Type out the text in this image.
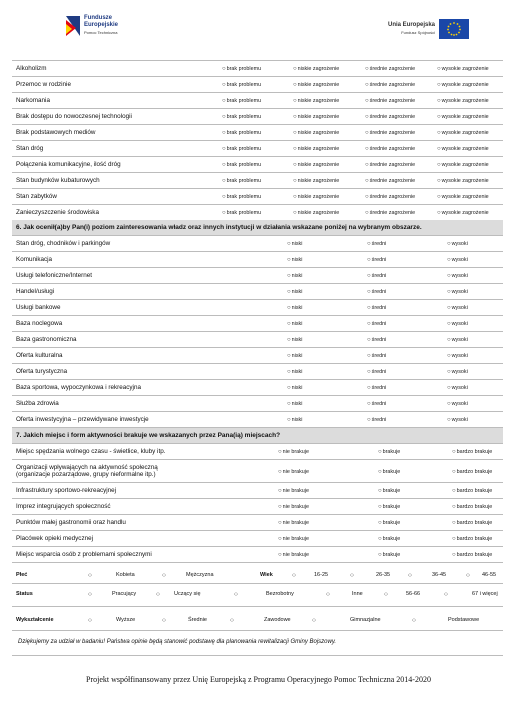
Fundusze
Europejskie
Pomoc Techniczna
Unia Europejska
Fundusz Spójności
Alkoholizm	○ brak problemu	○ niskie zagrożenie	○ średnie zagrożenie	○ wysokie zagrożenie
Przemoc w rodzinie	○ brak problemu	○ niskie zagrożenie	○ średnie zagrożenie	○ wysokie zagrożenie
Narkomania	○ brak problemu	○ niskie zagrożenie	○ średnie zagrożenie	○ wysokie zagrożenie
Brak dostępu do nowoczesnej technologii	○ brak problemu	○ niskie zagrożenie	○ średnie zagrożenie	○ wysokie zagrożenie
Brak podstawowych mediów	○ brak problemu	○ niskie zagrożenie	○ średnie zagrożenie	○ wysokie zagrożenie
Stan dróg	○ brak problemu	○ niskie zagrożenie	○ średnie zagrożenie	○ wysokie zagrożenie
Połączenia komunikacyjne, ilość dróg	○ brak problemu	○ niskie zagrożenie	○ średnie zagrożenie	○ wysokie zagrożenie
Stan budynków kubaturowych	○ brak problemu	○ niskie zagrożenie	○ średnie zagrożenie	○ wysokie zagrożenie
Stan zabytków	○ brak problemu	○ niskie zagrożenie	○ średnie zagrożenie	○ wysokie zagrożenie
Zanieczyszczenie środowiska	○ brak problemu	○ niskie zagrożenie	○ średnie zagrożenie	○ wysokie zagrożenie
6. Jak ocenił(a)by Pan(i) poziom zainteresowania władz oraz innych instytucji w działania wskazane poniżej na wybranym obszarze.
Stan dróg, chodników i parkingów	○ niski	○ średni	○ wysoki
Komunikacja	○ niski	○ średni	○ wysoki
Usługi telefoniczne/Internet	○ niski	○ średni	○ wysoki
Handel/usługi	○ niski	○ średni	○ wysoki
Usługi bankowe	○ niski	○ średni	○ wysoki
Baza noclegowa	○ niski	○ średni	○ wysoki
Baza gastronomiczna	○ niski	○ średni	○ wysoki
Oferta kulturalna	○ niski	○ średni	○ wysoki
Oferta turystyczna	○ niski	○ średni	○ wysoki
Baza sportowa, wypoczynkowa i rekreacyjna	○ niski	○ średni	○ wysoki
Służba zdrowia	○ niski	○ średni	○ wysoki
Oferta inwestycyjna – przewidywane inwestycje	○ niski	○ średni	○ wysoki
7. Jakich miejsc i form aktywności brakuje we wskazanych przez Pana(ią) miejscach?
Miejsc spędzania wolnego czasu - świetlice, kluby itp.	○ nie brakuje	○ brakuje	○ bardzo brakuje

Organizacji wpływających na aktywność społeczną
(organizacje pozarządowe, grupy nieformalne itp.)	○ nie brakuje	○ brakuje	○ bardzo brakuje

Infrastruktury sportowo-rekreacyjnej	○ nie brakuje	○ brakuje	○ bardzo brakuje

Imprez integrujących społeczność	○ nie brakuje	○ brakuje	○ bardzo brakuje

Punktów małej gastronomii oraz handlu	○ nie brakuje	○ brakuje	○ bardzo brakuje

Placówek opieki medycznej	○ nie brakuje	○ brakuje	○ bardzo brakuje

Miejsc wsparcia osób z problemami społecznymi	○ nie brakuje	○ brakuje	○ bardzo brakuje
Płeć	○	Kobieta	○	Mężczyzna	Wiek	○	16-25	○	26-35	○	36-45	○ 46-55
Status	○	Pracujący	○	Uczący się	○	Bezrobotny	○	Inne	○	56-66	○	67 i więcej
Wykształcenie	○	Wyższe	○	Średnie	○	Zawodowe	○	Gimnazjalne	○	Podstawowe
Dziękujemy za udział w badaniu! Państwa opinie będą stanowić podstawę dla planowania rewitalizacji Gminy Bojszowy.
Projekt współfinansowany przez Unię Europejską z Programu Operacyjnego Pomoc Techniczna 2014-2020
